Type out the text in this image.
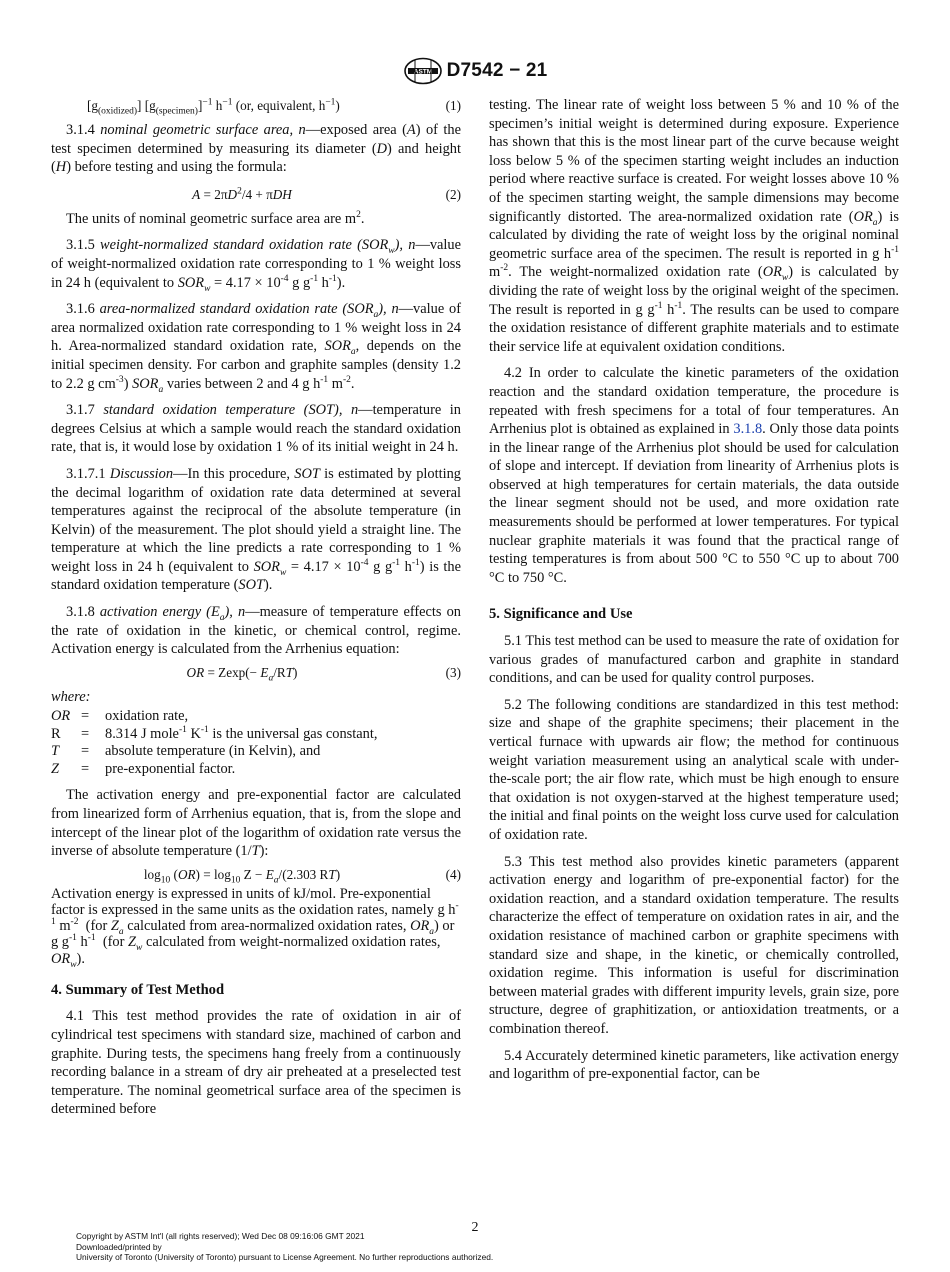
ASTM D7542 − 21
$[g_{(oxidized)}]$ $[g_{(specimen)}]^{-1}$ $h^{-1}$ (or, equivalent, $h^{-1}$)	(1)

3.1.4 nominal geometric surface area, n—exposed area (A) of the test specimen determined by measuring its diameter (D) and height (H) before testing and using the formula:

$A = 2\pi D^2/4 + \pi DH$	(2)

The units of nominal geometric surface area are $m^2$.

3.1.5 weight-normalized standard oxidation rate $(SOR_w)$, n—value of weight-normalized oxidation rate corresponding to 1 % weight loss in 24 h (equivalent to $SOR_w = 4.17 \times 10^{-4}$ g $g^{-1}$ $h^{-1}$).

3.1.6 area-normalized standard oxidation rate $(SOR_a)$, n—value of area normalized oxidation rate corresponding to 1 % weight loss in 24 h. Area-normalized standard oxidation rate, $SOR_a$, depends on the initial specimen density. For carbon and graphite samples (density 1.2 to 2.2 g $cm^{-3}$) $SOR_a$ varies between 2 and 4 g $h^{-1}$ $m^{-2}$.

3.1.7 standard oxidation temperature (SOT), n—temperature in degrees Celsius at which a sample would reach the standard oxidation rate, that is, it would lose by oxidation 1 % of its initial weight in 24 h.

3.1.7.1 Discussion—In this procedure, SOT is estimated by plotting the decimal logarithm of oxidation rate data determined at several temperatures against the reciprocal of the absolute temperature (in Kelvin) of the measurement. The plot should yield a straight line. The temperature at which the line predicts a rate corresponding to 1 % weight loss in 24 h (equivalent to $SOR_w = 4.17 \times 10^{-4}$ g $g^{-1}$ $h^{-1}$) is the standard oxidation temperature (SOT).

3.1.8 activation energy $(E_a)$, n—measure of temperature effects on the rate of oxidation in the kinetic, or chemical control, regime. Activation energy is calculated from the Arrhenius equation:

OR = $Zexp(- E_a/RT)$	(3)
where:
OR =	oxidation rate,
R	=	8.314 J mole$^{-1}$ $K^{-1}$ is the universal gas constant,
T	=	absolute temperature (in Kelvin), and
Z	=	pre-exponential factor.

The activation energy and pre-exponential factor are calculated from linearized form of Arrhenius equation, that is, from the slope and intercept of the linear plot of the logarithm of oxidation rate versus the inverse of absolute temperature (1/T):

$\log_{10} (OR) = \log_{10} Z - E_a/(2.303$ RT)	(4)
Activation energy is expressed in units of kJ/mol. Pre-exponential factor is expressed in the same units as the oxidation rates, namely g $h^{-1}$ $m^{-2}$  (for $Z_a$ calculated from area-normalized oxidation rates, $OR_a$) or g $g^{-1}$ $h^{-1}$  (for $Z_w$ calculated from weight-normalized oxidation rates, $OR_w$).
4. Summary of Test Method

4.1 This test method provides the rate of oxidation in air of cylindrical test specimens with standard size, machined of carbon and graphite. During tests, the specimens hang freely from a continuously recording balance in a stream of dry air preheated at a preselected test temperature. The nominal geometrical surface area of the specimen is determined before

testing. The linear rate of weight loss between 5 % and 10 % of the specimen’s initial weight is determined during exposure. Experience has shown that this is the most linear part of the curve because weight loss below 5 % of the specimen starting weight includes an induction period where reactive surface is created. For weight losses above 10 % of the specimen starting weight, the sample dimensions may become significantly distorted. The area-normalized oxidation rate $(OR_a)$ is calculated by dividing the rate of weight loss by the original nominal geometric surface area of the specimen. The result is reported in g $h^{-1}$ $m^{-2}$. The weight-normalized oxidation rate $(OR_w)$ is calculated by dividing the rate of weight loss by the original weight of the specimen. The result is reported in g $g^{-1}$ $h^{-1}$. The results can be used to compare the oxidation resistance of different graphite materials and to estimate their service life at equivalent oxidation conditions.

4.2 In order to calculate the kinetic parameters of the oxidation reaction and the standard oxidation temperature, the procedure is repeated with fresh specimens for a total of four temperatures. An Arrhenius plot is obtained as explained in 3.1.8. Only those data points in the linear range of the Arrhenius plot should be used for calculation of slope and intercept. If deviation from linearity of Arrhenius plots is observed at high temperatures for certain materials, the data outside the linear segment should not be used, and more oxidation rate measurements should be performed at lower temperatures. For typical nuclear graphite materials it was found that the practical range of testing temperatures is from about 500 °C to 550 °C up to about 700 °C to 750 °C.

5. Significance and Use

5.1 This test method can be used to measure the rate of oxidation for various grades of manufactured carbon and graphite in standard conditions, and can be used for quality control purposes.

5.2 The following conditions are standardized in this test method: size and shape of the graphite specimens; their placement in the vertical furnace with upwards air flow; the method for continuous weight variation measurement using an analytical scale with under-the-scale port; the air flow rate, which must be high enough to ensure that oxidation is not oxygen-starved at the highest temperature used; the initial and final points on the weight loss curve used for calculation of oxidation rate.

5.3 This test method also provides kinetic parameters (apparent activation energy and logarithm of pre-exponential factor) for the oxidation reaction, and a standard oxidation temperature. The results characterize the effect of temperature on oxidation rates in air, and the oxidation resistance of machined carbon or graphite specimens with standard size and shape, in the kinetic, or chemically controlled, oxidation regime. This information is useful for discrimination between material grades with different impurity levels, grain size, pore structure, degree of graphitization, or antioxidation treatments, or a combination thereof.

5.4 Accurately determined kinetic parameters, like activation energy and logarithm of pre-exponential factor, can be

2
Copyright by ASTM Int'l (all rights reserved); Wed Dec 08 09:16:06 GMT 2021
Downloaded/printed by
University of Toronto (University of Toronto) pursuant to License Agreement. No further reproductions authorized.
